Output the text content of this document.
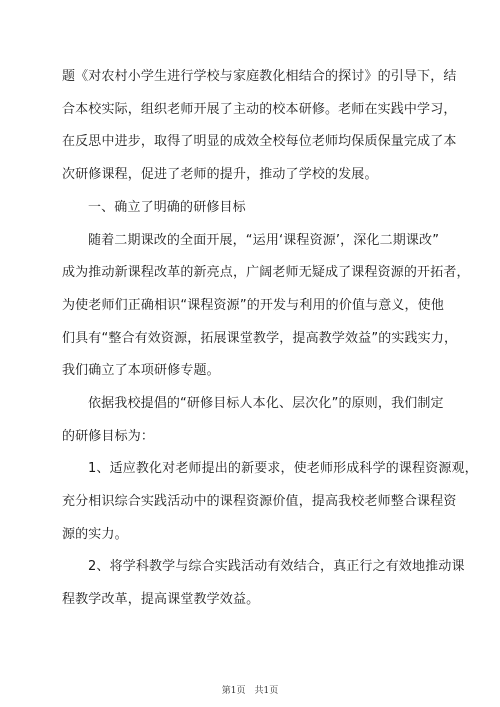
题《对农村小学生进行学校与家庭教化相结合的探讨》的引导下，结
合本校实际，组织老师开展了主动的校本研修。老师在实践中学习，
在反思中进步，取得了明显的成效全校每位老师均保质保量完成了本
次研修课程，促进了老师的提升，推动了学校的发展。
一、确立了明确的研修目标
随着二期课改的全面开展，“运用‘课程资源’，深化二期课改”
成为推动新课程改革的新亮点，广阔老师无疑成了课程资源的开拓者，
为使老师们正确相识“课程资源”的开发与利用的价值与意义，使他
们具有“整合有效资源，拓展课堂教学，提高教学效益”的实践实力，
我们确立了本项研修专题。
依据我校提倡的“研修目标人本化、层次化”的原则，我们制定
的研修目标为：
1、适应教化对老师提出的新要求，使老师形成科学的课程资源观，
充分相识综合实践活动中的课程资源价值，提高我校老师整合课程资
源的实力。
2、将学科教学与综合实践活动有效结合，真正行之有效地推动课
程教学改革，提高课堂教学效益。
第1页　共1页
